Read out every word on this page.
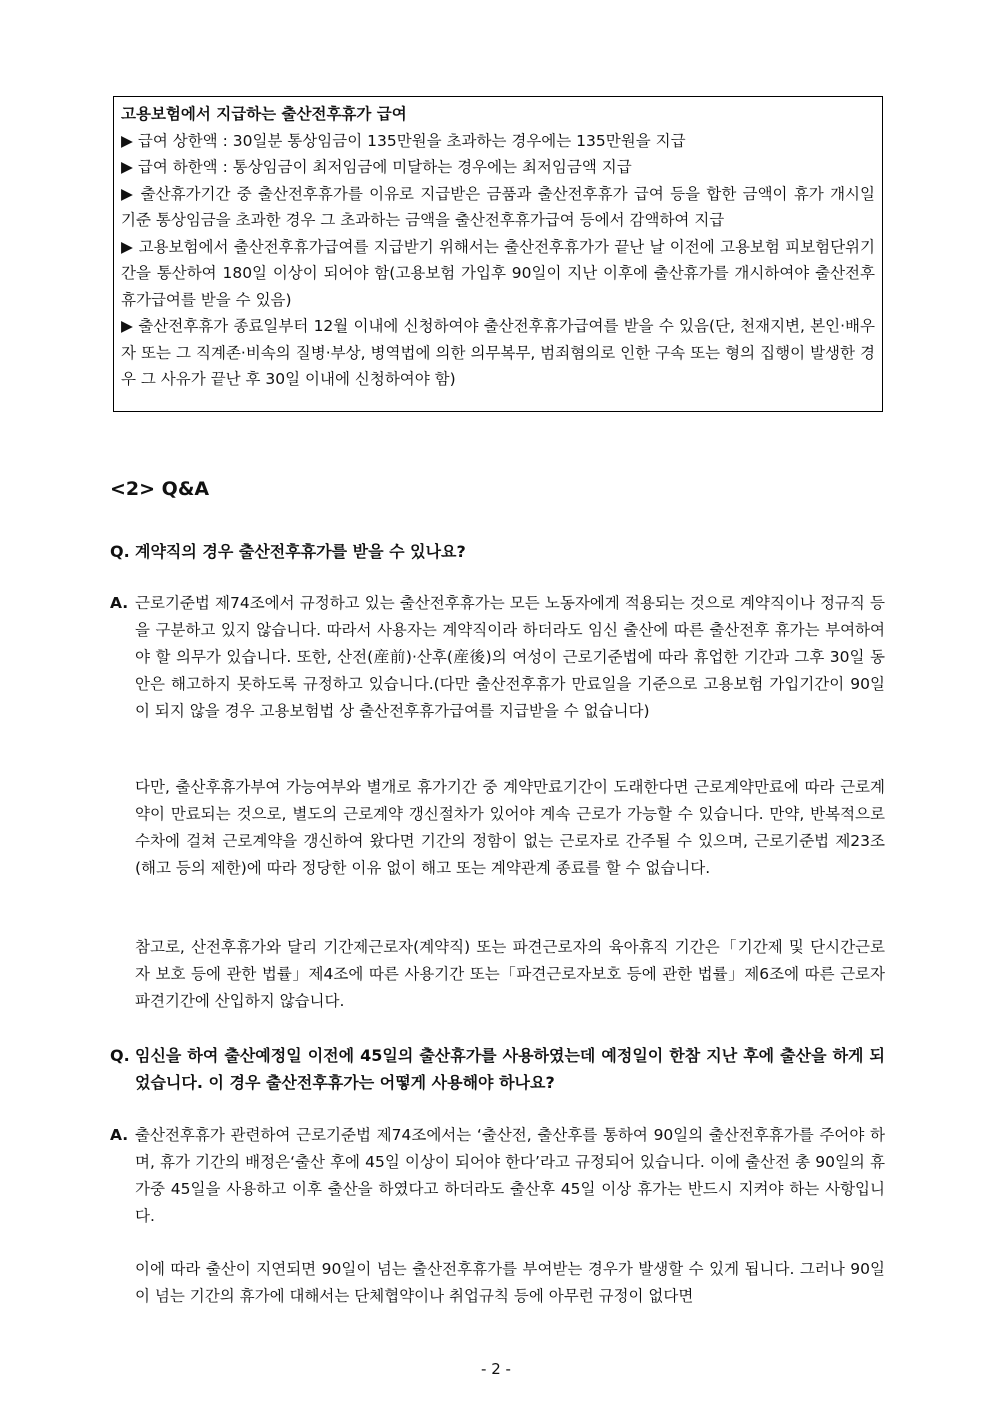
고용보험에서 지급하는 출산전후휴가 급여

▶ 급여 상한액 : 30일분 통상임금이 135만원을 초과하는 경우에는 135만원을 지급

▶ 급여 하한액 : 통상임금이 최저임금에 미달하는 경우에는 최저임금액 지급

▶ 출산휴가기간 중 출산전후휴가를 이유로 지급받은 금품과 출산전후휴가 급여 등을 합한 금액이 휴가 개시일 기준 통상임금을 초과한 경우 그 초과하는 금액을 출산전후휴가급여 등에서 감액하여 지급

▶ 고용보험에서 출산전후휴가급여를 지급받기 위해서는 출산전후휴가가 끝난 날 이전에 고용보험 피보험단위기간을 통산하여 180일 이상이 되어야 함(고용보험 가입후 90일이 지난 이후에 출산휴가를 개시하여야 출산전후휴가급여를 받을 수 있음)

▶ 출산전후휴가 종료일부터 12월 이내에 신청하여야 출산전후휴가급여를 받을 수 있음(단, 천재지변, 본인·배우자 또는 그 직계존·비속의 질병·부상, 병역법에 의한 의무복무, 범죄혐의로 인한 구속 또는 형의 집행이 발생한 경우 그 사유가 끝난 후 30일 이내에 신청하여야 함)

<2> Q&A
Q. 계약직의 경우 출산전후휴가를 받을 수 있나요?
A. 근로기준법 제74조에서 규정하고 있는 출산전후휴가는 모든 노동자에게 적용되는 것으로 계약직이나 정규직 등을 구분하고 있지 않습니다. 따라서 사용자는 계약직이라 하더라도 임신 출산에 따른 출산전후 휴가는 부여하여야 할 의무가 있습니다. 또한, 산전(産前)·산후(産後)의 여성이 근로기준법에 따라 휴업한 기간과 그후 30일 동안은 해고하지 못하도록 규정하고 있습니다.(다만 출산전후휴가 만료일을 기준으로 고용보험 가입기간이 90일이 되지 않을 경우 고용보험법 상 출산전후휴가급여를 지급받을 수 없습니다)
다만, 출산후휴가부여 가능여부와 별개로 휴가기간 중 계약만료기간이 도래한다면 근로계약만료에 따라 근로계약이 만료되는 것으로, 별도의 근로계약 갱신절차가 있어야 계속 근로가 가능할 수 있습니다. 만약, 반복적으로 수차에 걸쳐 근로계약을 갱신하여 왔다면 기간의 정함이 없는 근로자로 간주될 수 있으며, 근로기준법 제23조(해고 등의 제한)에 따라 정당한 이유 없이 해고 또는 계약관계 종료를 할 수 없습니다.
참고로, 산전후휴가와 달리 기간제근로자(계약직) 또는 파견근로자의 육아휴직 기간은「기간제 및 단시간근로자 보호 등에 관한 법률」제4조에 따른 사용기간 또는「파견근로자보호 등에 관한 법률」제6조에 따른 근로자파견기간에 산입하지 않습니다.
Q. 임신을 하여 출산예정일 이전에 45일의 출산휴가를 사용하였는데 예정일이 한참 지난 후에 출산을 하게 되었습니다. 이 경우 출산전후휴가는 어떻게 사용해야 하나요?
A. 출산전후휴가 관련하여 근로기준법 제74조에서는 ‘출산전, 출산후를 통하여 90일의 출산전후휴가를 주어야 하며, 휴가 기간의 배정은‘출산 후에 45일 이상이 되어야 한다’라고 규정되어 있습니다. 이에 출산전 총 90일의 휴가중 45일을 사용하고 이후 출산을 하였다고 하더라도 출산후 45일 이상 휴가는 반드시 지켜야 하는 사항입니다.
이에 따라 출산이 지연되면 90일이 넘는 출산전후휴가를 부여받는 경우가 발생할 수 있게 됩니다. 그러나 90일이 넘는 기간의 휴가에 대해서는 단체협약이나 취업규칙 등에 아무런 규정이 없다면
- 2 -
